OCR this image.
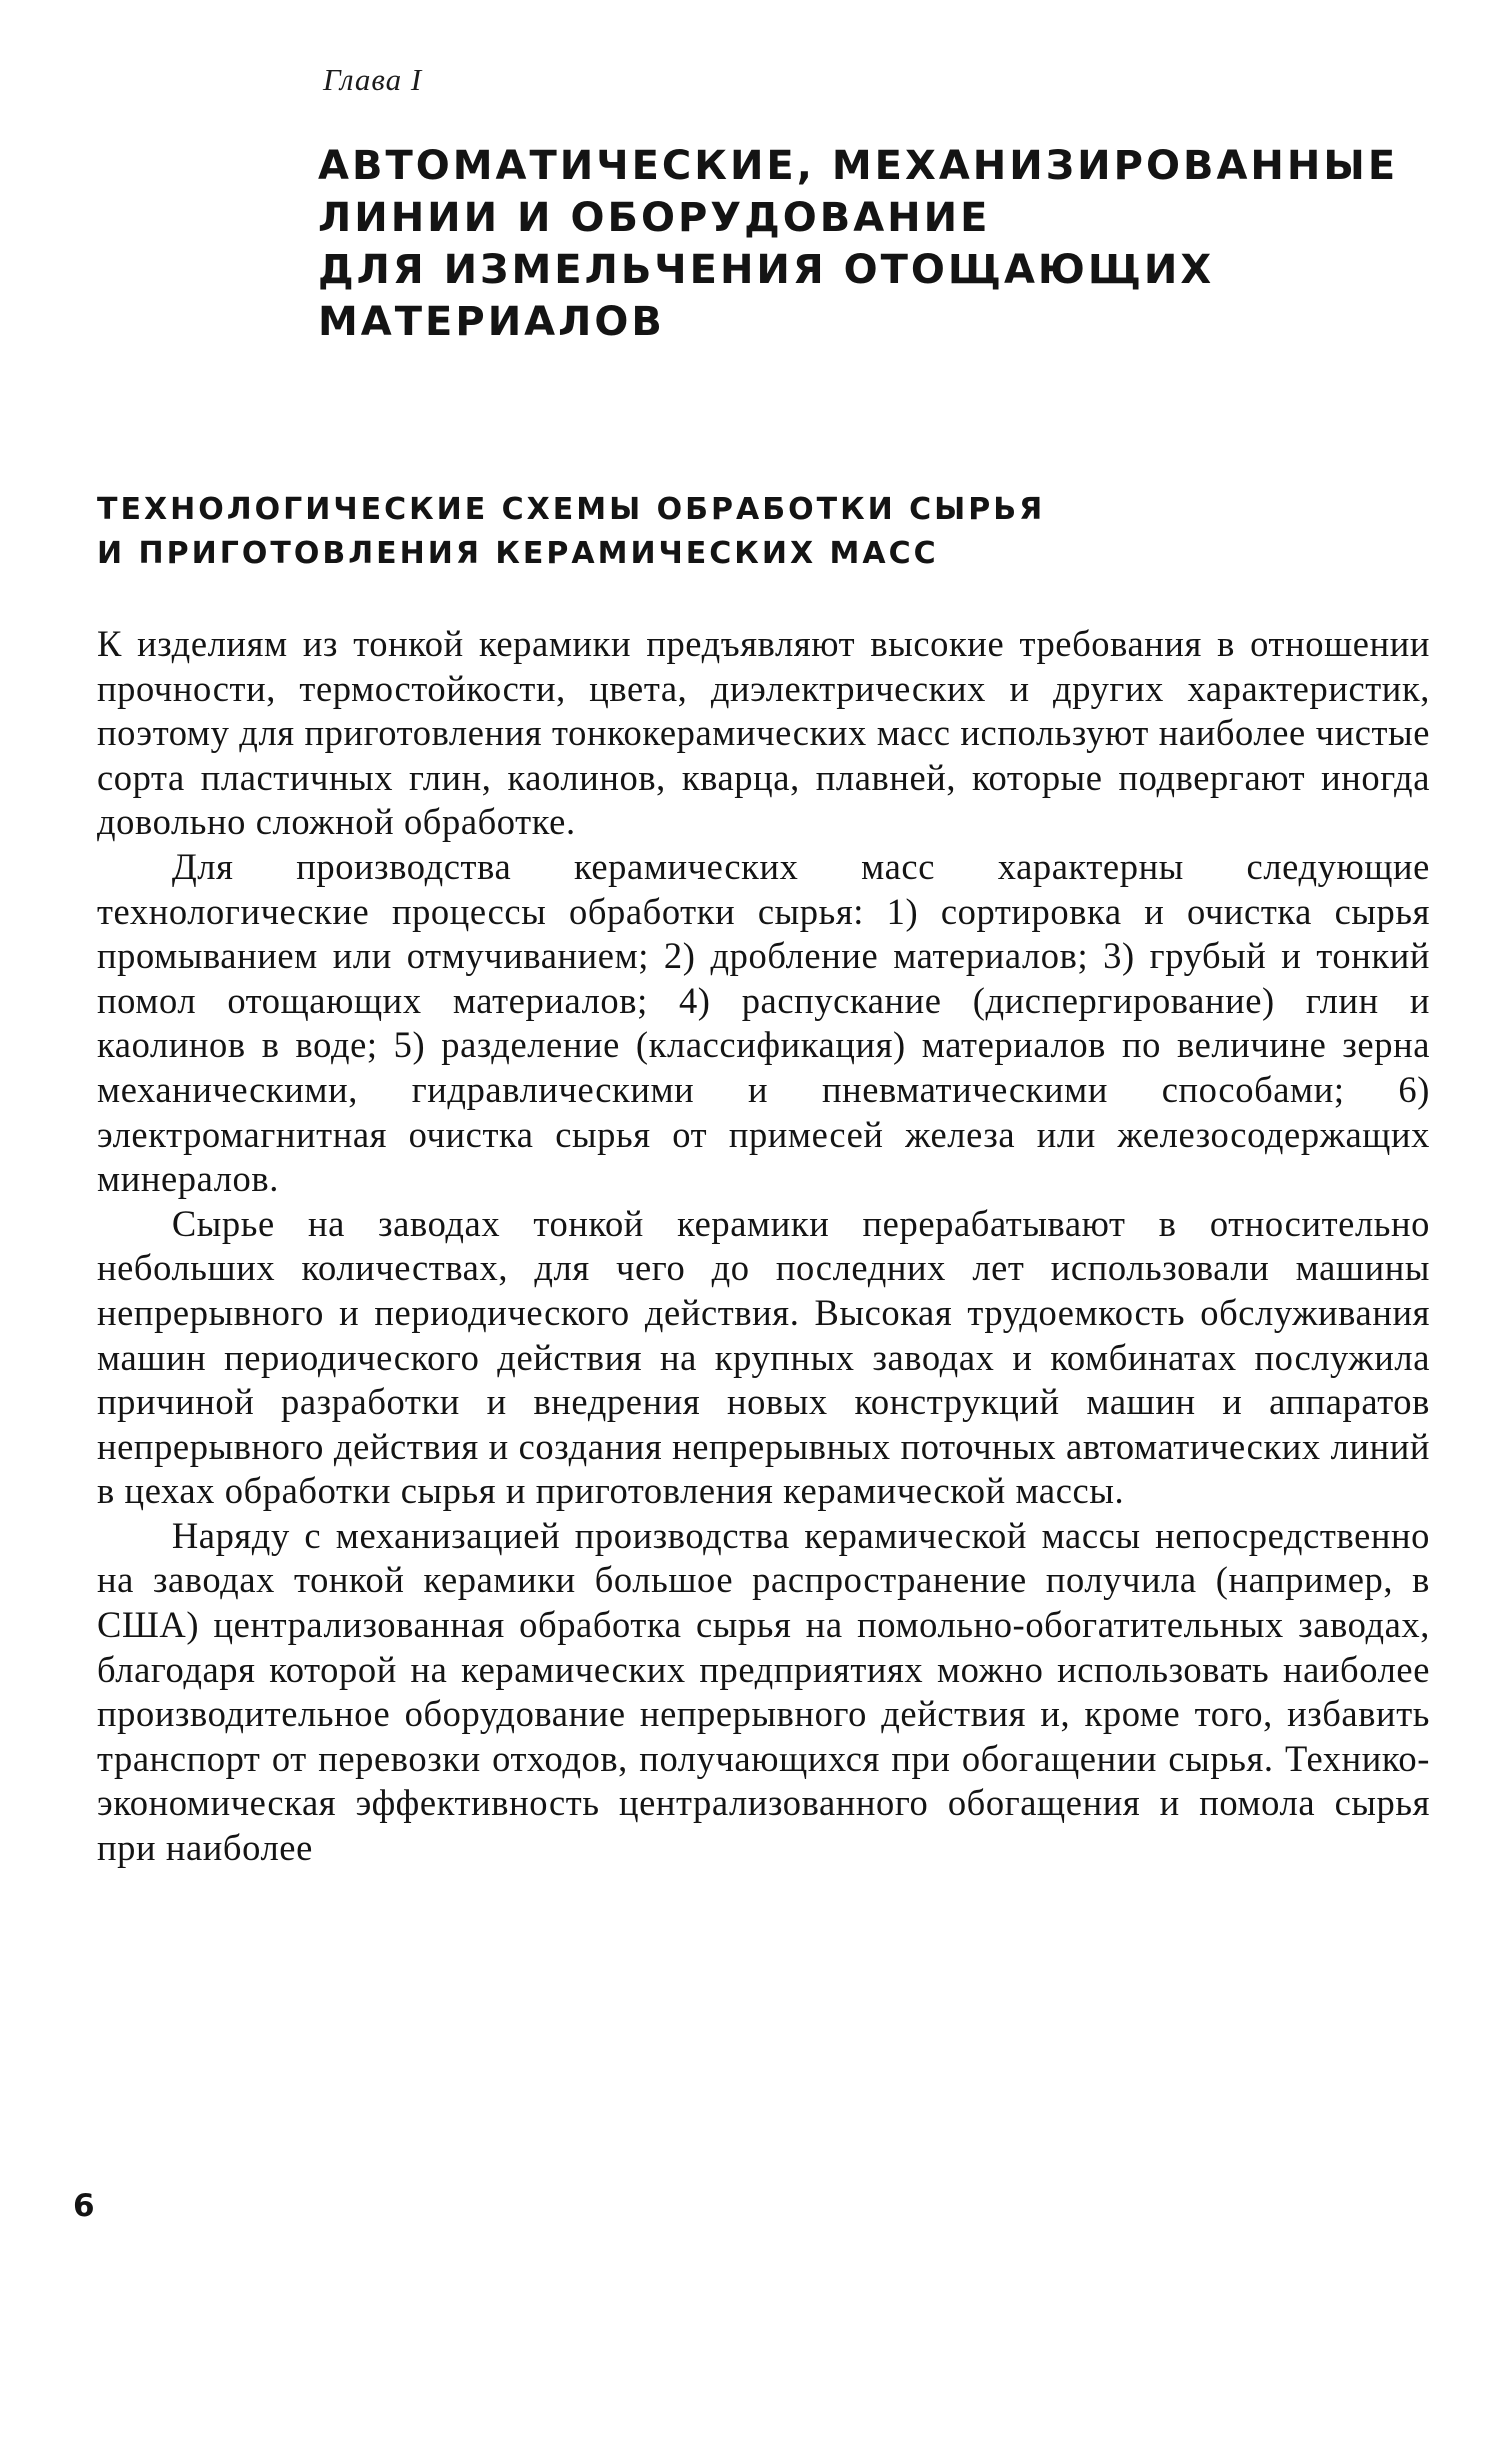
Глава I
АВТОМАТИЧЕСКИЕ, МЕХАНИЗИРОВАННЫЕ
ЛИНИИ И ОБОРУДОВАНИЕ
ДЛЯ ИЗМЕЛЬЧЕНИЯ ОТОЩАЮЩИХ
МАТЕРИАЛОВ
ТЕХНОЛОГИЧЕСКИЕ СХЕМЫ ОБРАБОТКИ СЫРЬЯ
И ПРИГОТОВЛЕНИЯ КЕРАМИЧЕСКИХ МАСС

К изделиям из тонкой керамики предъявляют высокие требования в отношении прочности, термостойкости, цвета, диэлектрических и других характеристик, поэтому для приготовления тонкокерамических масс используют наиболее чистые сорта пластичных глин, каолинов, кварца, плавней, которые подвергают иногда довольно сложной обработке.

Для производства керамических масс характерны следующие технологические процессы обработки сырья: 1) сортировка и очистка сырья промыванием или отмучиванием; 2) дробление материалов; 3) грубый и тонкий помол отощающих материалов; 4) распускание (диспергирование) глин и каолинов в воде; 5) разделение (классификация) материалов по величине зерна механическими, гидравлическими и пневматическими способами; 6) электромагнитная очистка сырья от примесей железа или железосодержащих минералов.

Сырье на заводах тонкой керамики перерабатывают в относительно небольших количествах, для чего до последних лет использовали машины непрерывного и периодического действия. Высокая трудоемкость обслуживания машин периодического действия на крупных заводах и комбинатах послужила причиной разработки и внедрения новых конструкций машин и аппаратов непрерывного действия и создания непрерывных поточных автоматических линий в цехах обработки сырья и приготовления керамической массы.

Наряду с механизацией производства керамической массы непосредственно на заводах тонкой керамики большое распространение получила (например, в США) централизованная обработка сырья на помольно-обогатительных заводах, благодаря которой на керамических предприятиях можно использовать наиболее производительное оборудование непрерывного действия и, кроме того, избавить транспорт от перевозки отходов, получающихся при обогащении сырья. Технико-экономическая эффективность централизованного обогащения и помола сырья при наиболее

6
